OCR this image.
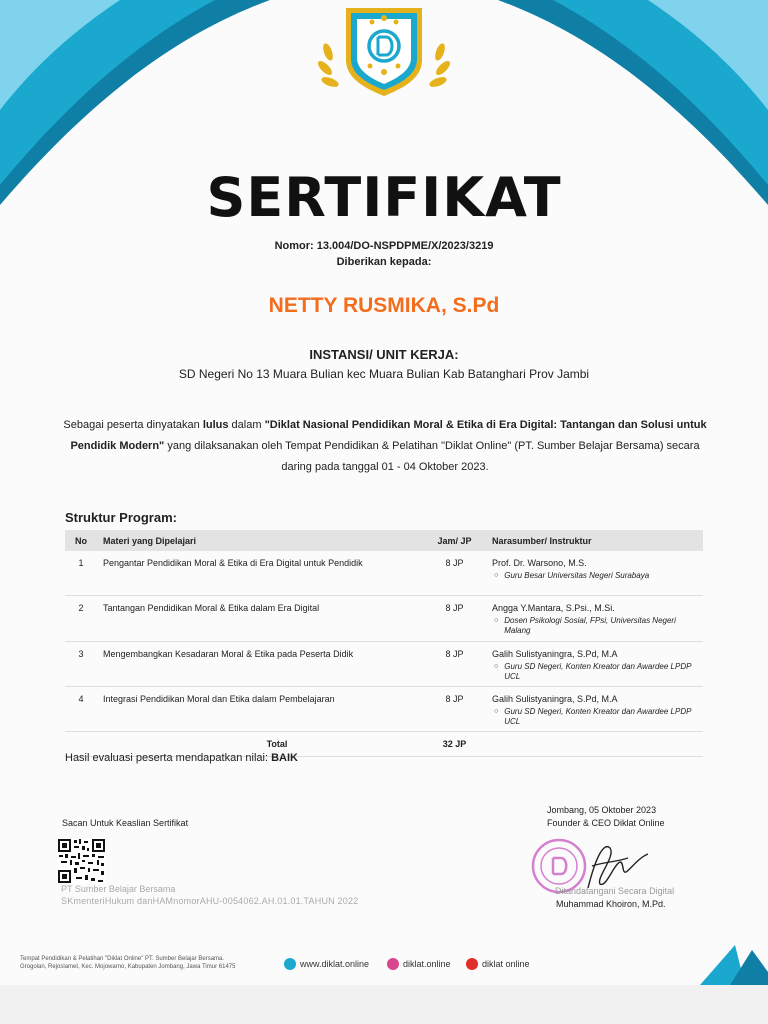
SERTIFIKAT
Nomor: 13.004/DO-NSPDPME/X/2023/3219
Diberikan kepada:
NETTY RUSMIKA, S.Pd
INSTANSI/ UNIT KERJA:
SD Negeri No 13 Muara Bulian kec Muara Bulian Kab Batanghari Prov Jambi
Sebagai peserta dinyatakan lulus dalam "Diklat Nasional Pendidikan Moral & Etika di Era Digital: Tantangan dan Solusi untuk Pendidik Modern" yang dilaksanakan oleh Tempat Pendidikan & Pelatihan "Diklat Online" (PT. Sumber Belajar Bersama) secara daring pada tanggal 01 - 04 Oktober 2023.
Struktur Program:
No	Materi yang Dipelajari	Jam/ JP	Narasumber/ Instruktur
1	Pengantar Pendidikan Moral & Etika di Era Digital untuk Pendidik	8 JP	Prof. Dr. Warsono, M.S.
○ Guru Besar Universitas Negeri Surabaya

2	Tantangan Pendidikan Moral & Etika dalam Era Digital	8 JP	Angga Y.Mantara, S.Psi., M.Si.
○ Dosen Psikologi Sosial, FPsi, Universitas Negeri Malang

3	Mengembangkan Kesadaran Moral & Etika pada Peserta Didik	8 JP	Galih Sulistyaningra, S.Pd, M.A
○ Guru SD Negeri, Konten Kreator dan Awardee LPDP UCL

4	Integrasi Pendidikan Moral dan Etika dalam Pembelajaran	8 JP	Galih Sulistyaningra, S.Pd, M.A
○ Guru SD Negeri, Konten Kreator dan Awardee LPDP UCL

	Total	32 JP	
Hasil evaluasi peserta mendapatkan nilai: BAIK
Sacan Untuk Keaslian Sertifikat
PT Sumber Belajar Bersama
SKmenteriHukum danHAMnomorAHU-0054062.AH.01.01.TAHUN 2022
Jombang, 05 Oktober 2023
Founder & CEO Diklat Online
Ditandatangani Secara Digital
Muhammad Khoiron, M.Pd.
Tempat Pendidikan & Pelatihan "Diklat Online" PT. Sumber Belajar Bersama.
Grogolan, Rejoslamet, Kec. Mojowarno, Kabupaten Jombang, Jawa Timur 61475	www.diklat.online	diklat.online	diklat online
